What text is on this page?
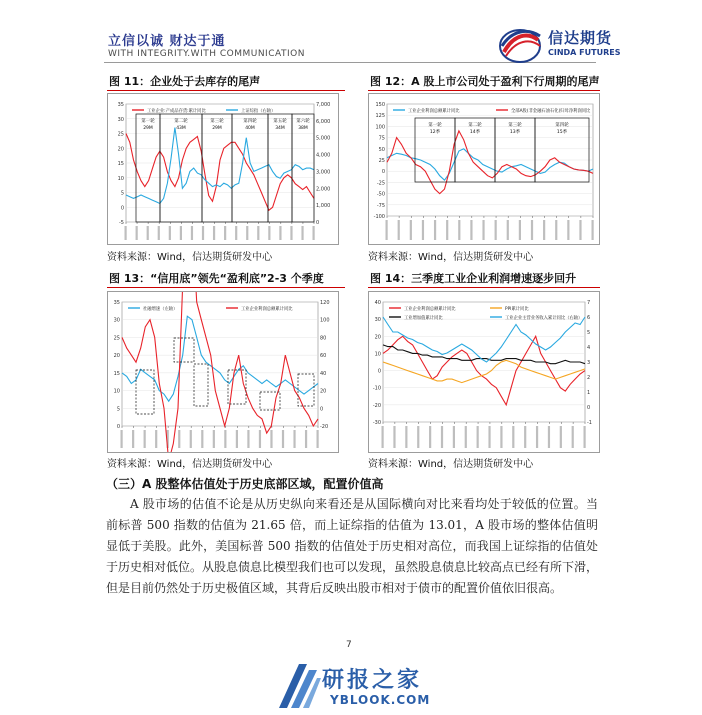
立信以诚 财达于通
WITH INTEGRITY.WITH COMMUNICATION
信达期货
CINDA FUTURES
图 11：企业处于去库存的尾声	图 12：A 股上市公司处于盈利下行周期的尾声
35
30
25
20
15
10
5
0
-5
7,000
6,000
5,000
4,000
3,000
2,000
1,000
0
工业企业:产成品存货:累计同比	上证综指（右轴）
第一轮
29M
第二轮
43M
第三轮
29M
第四轮
40M
第五轮
34M
第六轮
38M
150
125
100
75
50
25
0
-25
-50
-75
-100
工业企业利润总额累计同比	全部A股(非金融石油石化)归母净利润同比
第一轮
12季
第二轮
14季
第三轮
13季
第四轮
15季
资料来源：Wind，信达期货研发中心	资料来源：Wind，信达期货研发中心
图 13：“信用底”领先“盈利底”2-3 个季度	图 14：三季度工业企业利润增速逐步回升
35
30
25
20
15
10
5
0
120
100
80
60
40
20
0
-20
社融增速（左轴）	工业企业利润总额累计同比
40
30
20
10
0
-10
-20
-30
7
6
5
4
3
2
1
0
-1
工业企业利润总额累计同比	PPI累计同比
工业增加值累计同比	工业企业主营业务收入累计同比（右轴）
资料来源：Wind，信达期货研发中心	资料来源：Wind，信达期货研发中心
（三）A 股整体估值处于历史底部区域，配置价值高
A 股市场的估值不论是从历史纵向来看还是从国际横向对比来看均处于较低的位置。当前标普 500 指数的估值为 21.65 倍，而上证综指的估值为 13.01，A 股市场的整体估值明显低于美股。此外，美国标普 500 指数的估值处于历史相对高位，而我国上证综指的估值处于历史相对低位。从股息债息比模型我们也可以发现，虽然股息债息比较高点已经有所下滑，但是目前仍然处于历史极值区域，其背后反映出股市相对于债市的配置价值依旧很高。
7
研报之家
YBLOOK.COM
